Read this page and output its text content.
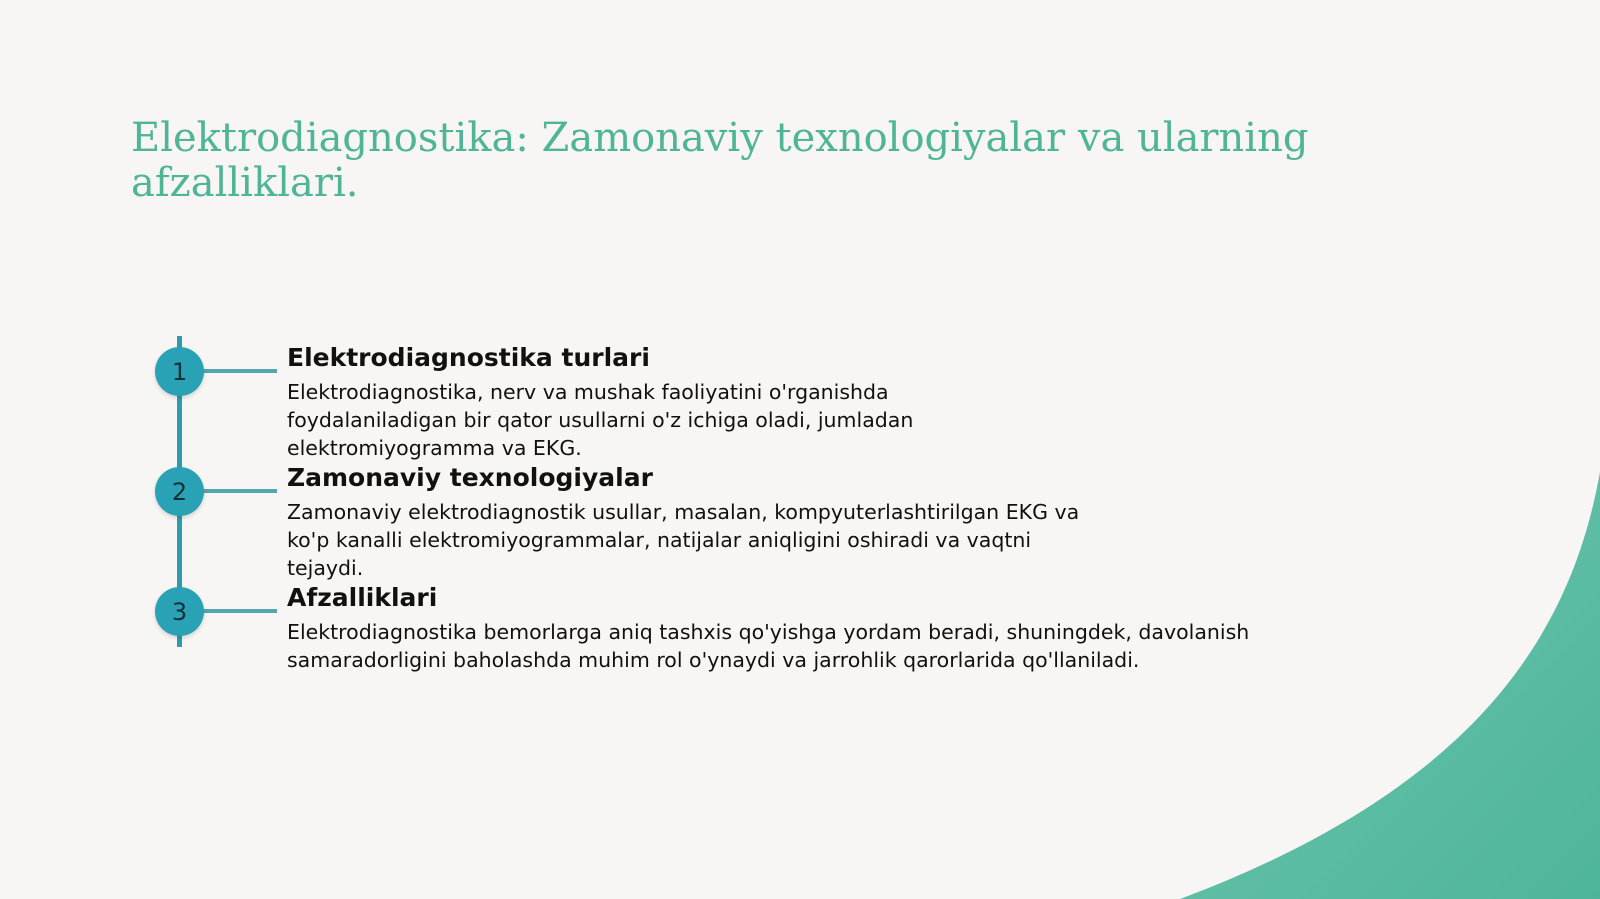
Elektrodiagnostika: Zamonaviy texnologiyalar va ularning afzalliklari.
1
2
3
Elektrodiagnostika turlari

Elektrodiagnostika, nerv va mushak faoliyatini o'rganishda foydalaniladigan bir qator usullarni o'z ichiga oladi, jumladan elektromiyogramma va EKG.

Zamonaviy texnologiyalar

Zamonaviy elektrodiagnostik usullar, masalan, kompyuterlashtirilgan EKG va ko'p kanalli elektromiyogrammalar, natijalar aniqligini oshiradi va vaqtni tejaydi.

Afzalliklari

Elektrodiagnostika bemorlarga aniq tashxis qo'yishga yordam beradi, shuningdek, davolanish samaradorligini baholashda muhim rol o'ynaydi va jarrohlik qarorlarida qo'llaniladi.
